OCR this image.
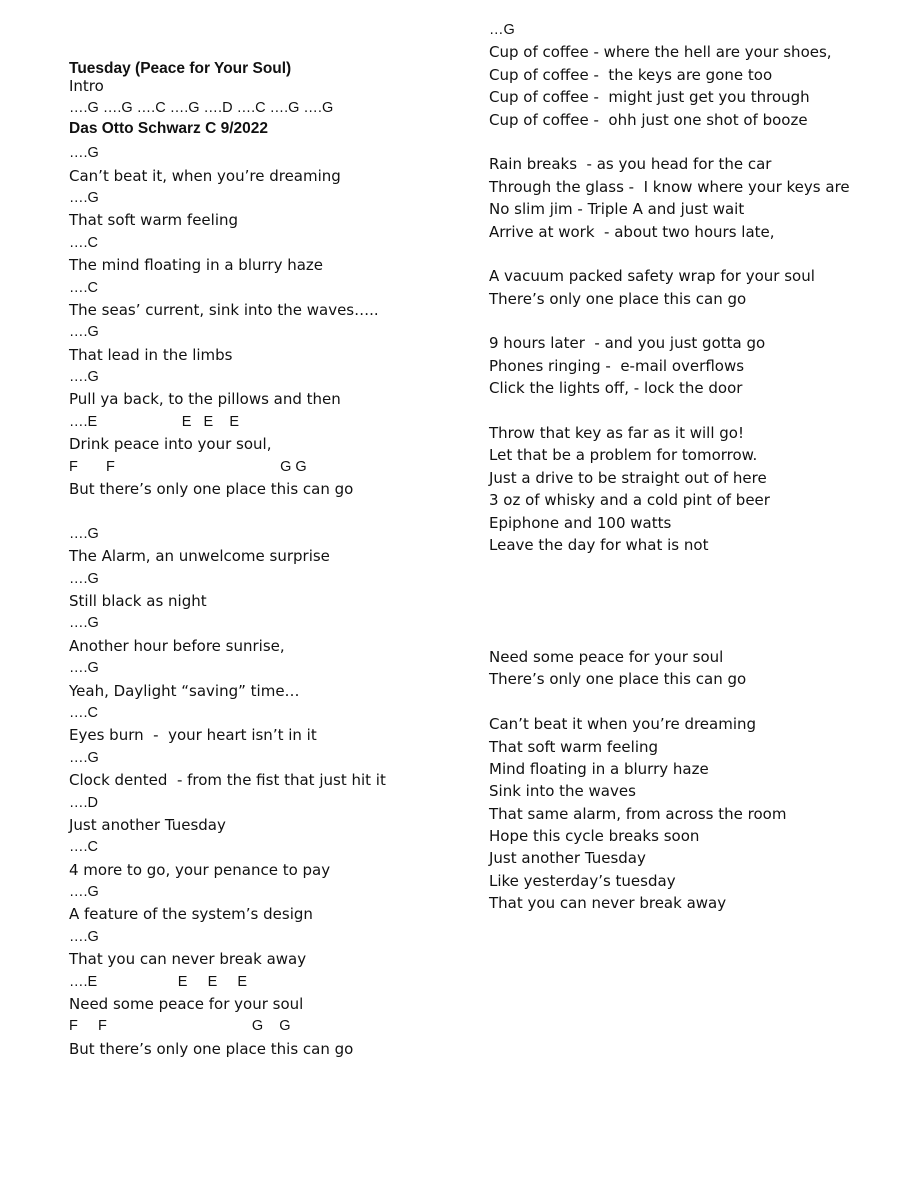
Tuesday (Peace for Your Soul)

Das Otto Schwarz C 9/2022

Intro
….G ….G ….C ….G ….D ….C ….G ….G
….G
Can’t beat it, when you’re dreaming
….G
That soft warm feeling
….C
The mind floating in a blurry haze
….C
The seas’ current, sink into the waves…..
….G
That lead in the limbs
….G
Pull ya back, to the pillows and then
….E                     E   E    E
Drink peace into your soul,
F       F                                         G G
But there’s only one place this can go
….G
The Alarm, an unwelcome surprise
….G
Still black as night
….G
Another hour before sunrise,
….G
Yeah, Daylight “saving” time…
….C
Eyes burn  -  your heart isn’t in it
….G
Clock dented  - from the fist that just hit it
….D
Just another Tuesday
….C
4 more to go, your penance to pay
….G
A feature of the system’s design
….G
That you can never break away
….E                    E     E     E
Need some peace for your soul
F     F                                    G    G
But there’s only one place this can go
…G
Cup of coffee - where the hell are your shoes,
Cup of coffee -  the keys are gone too
Cup of coffee -  might just get you through
Cup of coffee -  ohh just one shot of booze
Rain breaks  - as you head for the car
Through the glass -  I know where your keys are
No slim jim - Triple A and just wait
Arrive at work  - about two hours late,
A vacuum packed safety wrap for your soul
There’s only one place this can go
9 hours later  - and you just gotta go
Phones ringing -  e-mail overflows
Click the lights off, - lock the door
Throw that key as far as it will go!
Let that be a problem for tomorrow.
Just a drive to be straight out of here
3 oz of whisky and a cold pint of beer
Epiphone and 100 watts
Leave the day for what is not
Need some peace for your soul
There’s only one place this can go
Can’t beat it when you’re dreaming
That soft warm feeling
Mind floating in a blurry haze
Sink into the waves
That same alarm, from across the room
Hope this cycle breaks soon
Just another Tuesday
Like yesterday’s tuesday
That you can never break away
